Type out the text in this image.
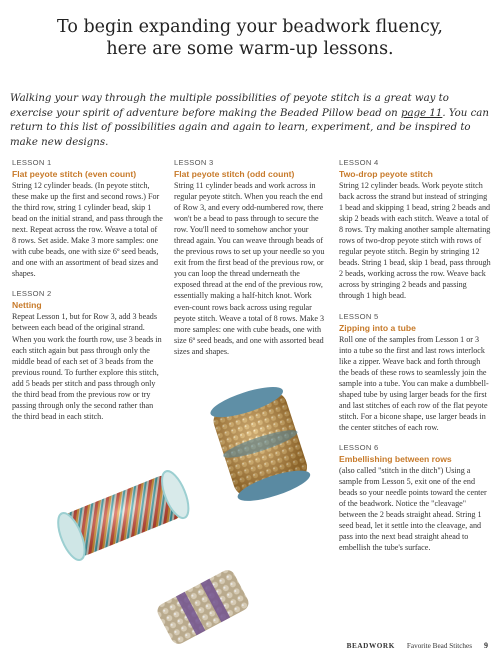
To begin expanding your beadwork fluency,
here are some warm-up lessons.
Walking your way through the multiple possibilities of peyote stitch is a great way to exercise your spirit of adventure before making the Beaded Pillow bead on page 11. You can return to this list of possibilities again and again to learn, experiment, and be inspired to make new designs.
LESSON 1
Flat peyote stitch (even count)

String 12 cylinder beads. (In peyote stitch, these make up the first and second rows.) For the third row, string 1 cylinder bead, skip 1 bead on the initial strand, and pass through the next. Repeat across the row. Weave a total of 8 rows. Set aside. Make 3 more samples: one with cube beads, one with size 6º seed beads, and one with an assortment of bead sizes and shapes.

LESSON 2
Netting

Repeat Lesson 1, but for Row 3, add 3 beads between each bead of the original strand. When you work the fourth row, use 3 beads in each stitch again but pass through only the middle bead of each set of 3 beads from the previous round. To further explore this stitch, add 5 beads per stitch and pass through only the third bead from the previous row or try passing through only the second rather than the third bead in each stitch.

LESSON 3
Flat peyote stitch (odd count)

String 11 cylinder beads and work across in regular peyote stitch. When you reach the end of Row 3, and every odd-numbered row, there won't be a bead to pass through to secure the row. You'll need to somehow anchor your thread again. You can weave through beads of the previous rows to set up your needle so you exit from the first bead of the previous row, or you can loop the thread underneath the exposed thread at the end of the previous row, essentially making a half-hitch knot. Work even-count rows back across using regular peyote stitch. Weave a total of 8 rows. Make 3 more samples: one with cube beads, one with size 6º seed beads, and one with assorted bead sizes and shapes.

LESSON 4
Two-drop peyote stitch

String 12 cylinder beads. Work peyote stitch back across the strand but instead of stringing 1 bead and skipping 1 bead, string 2 beads and skip 2 beads with each stitch. Weave a total of 8 rows. Try making another sample alternating rows of two-drop peyote stitch with rows of regular peyote stitch. Begin by stringing 12 beads. String 1 bead, skip 1 bead, pass through 2 beads, working across the row. Weave back across by stringing 2 beads and passing through 1 high bead.

LESSON 5
Zipping into a tube

Roll one of the samples from Lesson 1 or 3 into a tube so the first and last rows interlock like a zipper. Weave back and forth through the beads of these rows to seamlessly join the sample into a tube. You can make a dumbbell-shaped tube by using larger beads for the first and last stitches of each row of the flat peyote stitch. For a bicone shape, use larger beads in the center stitches of each row.

LESSON 6
Embellishing between rows

(also called "stitch in the ditch") Using a sample from Lesson 5, exit one of the end beads so your needle points toward the center of the beadwork. Notice the "cleavage" between the 2 beads straight ahead. String 1 seed bead, let it settle into the cleavage, and pass into the next bead straight ahead to embellish the tube's surface.

BEADWORK Favorite Bead Stitches 9
